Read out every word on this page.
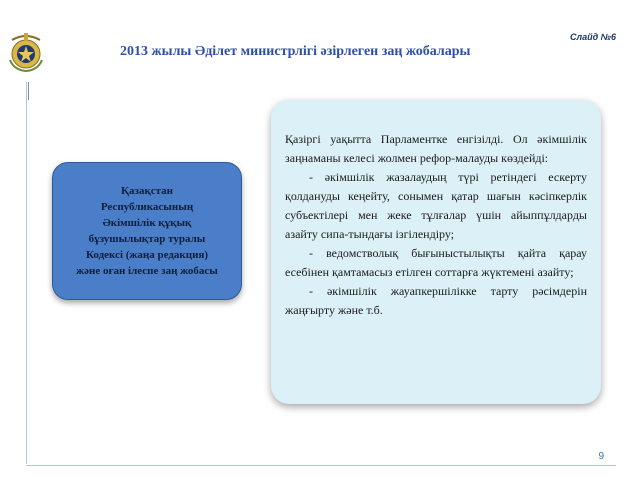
Слайд №6
2013 жылы Әділет министрлігі әзірлеген заң жобалары
Қазақстан
Республикасының
Әкімшілік құқық
бұзушылықтар туралы
Кодексі (жаңа редакция)
және оған ілеспе заң жобасы

Қазіргі уақытта Парламентке енгізілді. Ол әкімшілік заңнаманы келесі жолмен рефор-малауды көздейді:

- әкімшілік жазалаудың түрі ретіндегі ескерту қолдануды кеңейту, сонымен қатар шағын кәсіпкерлік субъектілері мен жеке тұлғалар үшін айыппұлдарды азайту сипа-тындағы ізгілендіру;

- ведомстволық бығыныстылықты қайта қарау есебінен қамтамасыз етілген соттарға жүктемені азайту;

- әкімшілік жауапкершілікке тарту рәсімдерін жаңғырту және т.б.

9
